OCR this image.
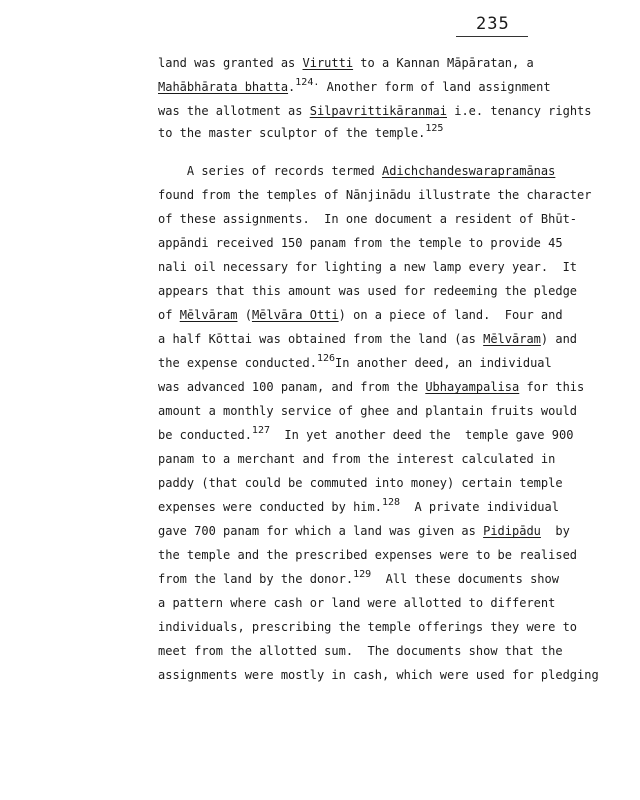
235
land was granted as Virutti to a Kannan Māpāratan, a
Mahābhārata bhatta.$^{124.}$ Another form of land assignment
was the allotment as Silpavrittikāranmai i.e. tenancy rights
to the master sculptor of the temple.$^{125}$
A series of records termed Adichchandeswarapramānas
found from the temples of Nānjinādu illustrate the character
of these assignments.  In one document a resident of Bhūt-
appāndi received 150 panam from the temple to provide 45
nali oil necessary for lighting a new lamp every year.  It
appears that this amount was used for redeeming the pledge
of Mēlvāram (Mēlvāra Otti) on a piece of land.  Four and
a half Kōttai was obtained from the land (as Mēlvāram) and
the expense conducted.$^{126}$In another deed, an individual
was advanced 100 panam, and from the Ubhayampalisa for this
amount a monthly service of ghee and plantain fruits would
be conducted.$^{127}$  In yet another deed the  temple gave 900
panam to a merchant and from the interest calculated in
paddy (that could be commuted into money) certain temple
expenses were conducted by him.$^{128}$  A private individual
gave 700 panam for which a land was given as Pidipādu  by
the temple and the prescribed expenses were to be realised
from the land by the donor.$^{129}$  All these documents show
a pattern where cash or land were allotted to different
individuals, prescribing the temple offerings they were to
meet from the allotted sum.  The documents show that the
assignments were mostly in cash, which were used for pledging
